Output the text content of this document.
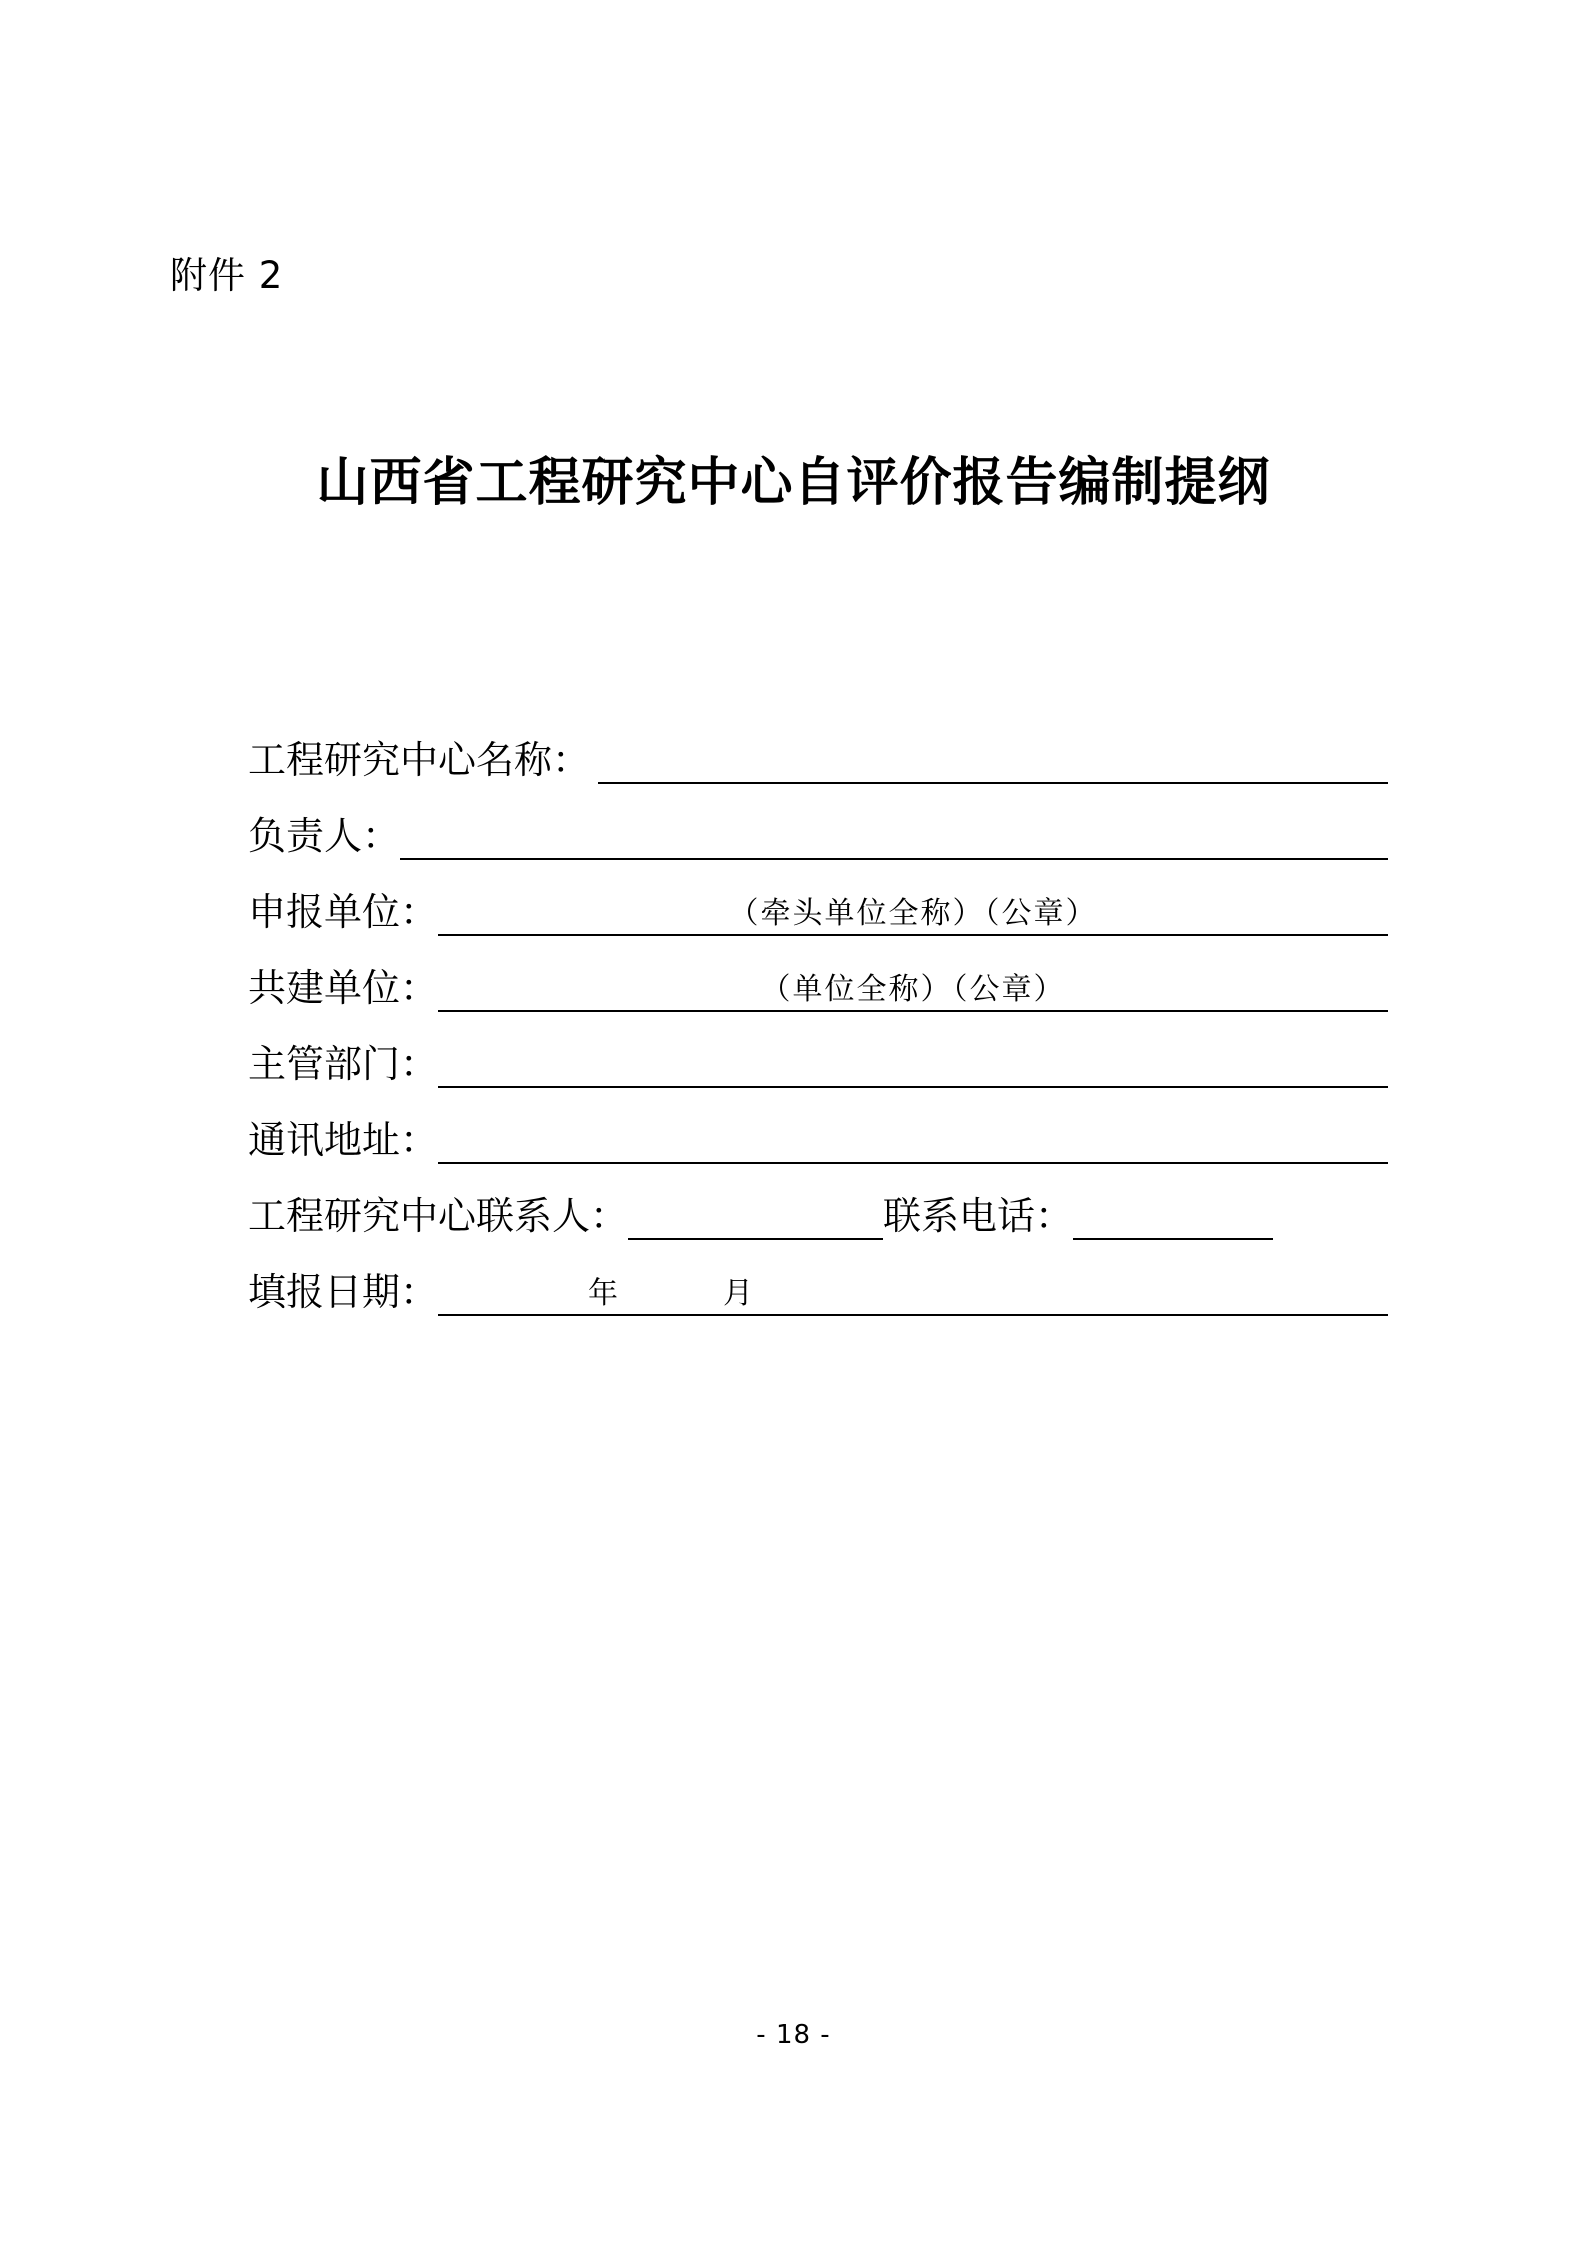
附件 2
山西省工程研究中心自评价报告编制提纲
工程研究中心名称：
负责人：
申报单位：	（牵头单位全称）（公章）
共建单位：	（单位全称）（公章）
主管部门：
通讯地址：
工程研究中心联系人：	联系电话：
填报日期：	年	月
- 18 -
